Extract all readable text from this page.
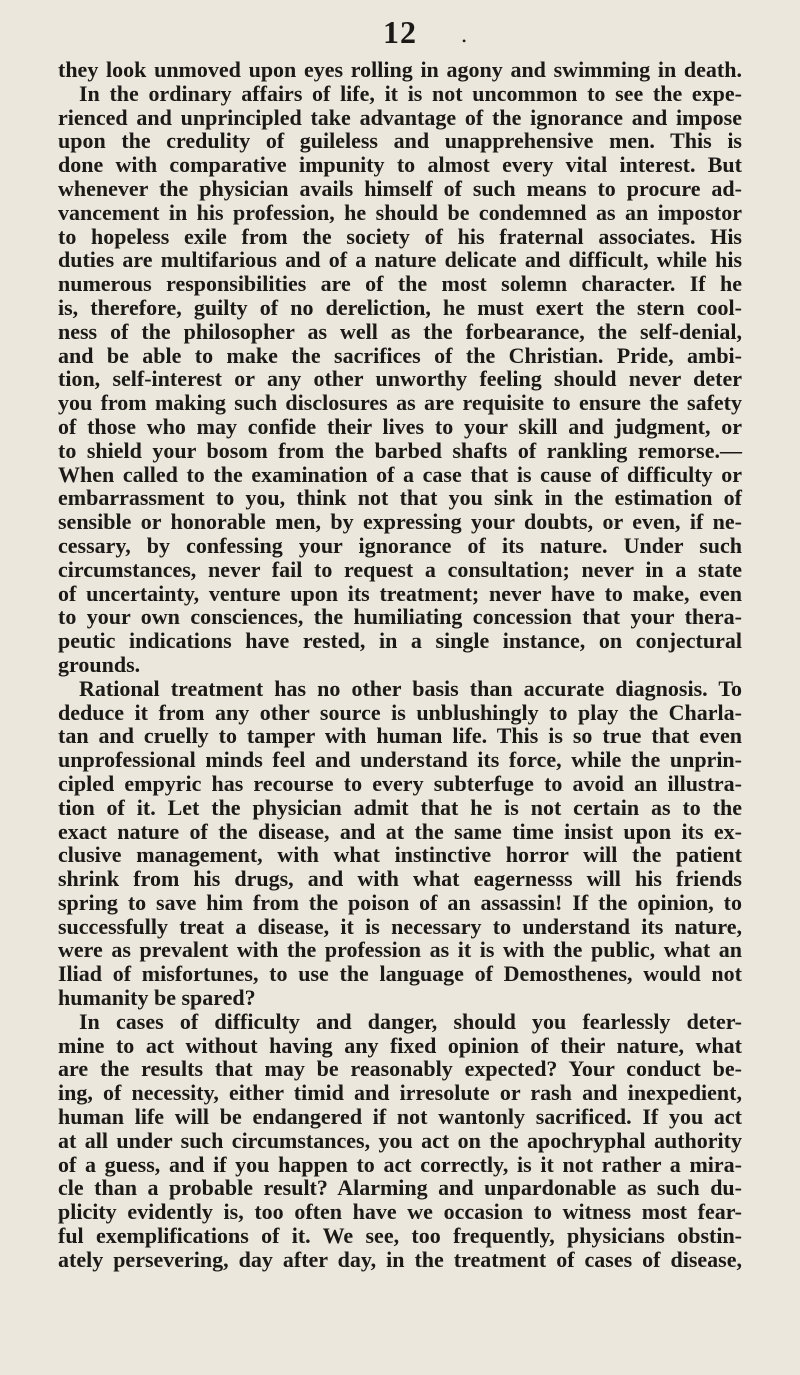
12	•
they look unmoved upon eyes rolling in agony and swimming in death.
In the ordinary affairs of life, it is not uncommon to see the expe-
rienced and unprincipled take advantage of the ignorance and impose
upon the credulity of guileless and unapprehensive men. This is
done with comparative impunity to almost every vital interest. But
whenever the physician avails himself of such means to procure ad-
vancement in his profession, he should be condemned as an impostor
to hopeless exile from the society of his fraternal associates. His
duties are multifarious and of a nature delicate and difficult, while his
numerous responsibilities are of the most solemn character. If he
is, therefore, guilty of no dereliction, he must exert the stern cool-
ness of the philosopher as well as the forbearance, the self-denial,
and be able to make the sacrifices of the Christian. Pride, ambi-
tion, self-interest or any other unworthy feeling should never deter
you from making such disclosures as are requisite to ensure the safety
of those who may confide their lives to your skill and judgment, or
to shield your bosom from the barbed shafts of rankling remorse.—
When called to the examination of a case that is cause of difficulty or
embarrassment to you, think not that you sink in the estimation of
sensible or honorable men, by expressing your doubts, or even, if ne-
cessary, by confessing your ignorance of its nature. Under such
circumstances, never fail to request a consultation; never in a state
of uncertainty, venture upon its treatment; never have to make, even
to your own consciences, the humiliating concession that your thera-
peutic indications have rested, in a single instance, on conjectural
grounds.
Rational treatment has no other basis than accurate diagnosis. To
deduce it from any other source is unblushingly to play the Charla-
tan and cruelly to tamper with human life. This is so true that even
unprofessional minds feel and understand its force, while the unprin-
cipled empyric has recourse to every subterfuge to avoid an illustra-
tion of it. Let the physician admit that he is not certain as to the
exact nature of the disease, and at the same time insist upon its ex-
clusive management, with what instinctive horror will the patient
shrink from his drugs, and with what eagernesss will his friends
spring to save him from the poison of an assassin! If the opinion, to
successfully treat a disease, it is necessary to understand its nature,
were as prevalent with the profession as it is with the public, what an
Iliad of misfortunes, to use the language of Demosthenes, would not
humanity be spared?
In cases of difficulty and danger, should you fearlessly deter-
mine to act without having any fixed opinion of their nature, what
are the results that may be reasonably expected? Your conduct be-
ing, of necessity, either timid and irresolute or rash and inexpedient,
human life will be endangered if not wantonly sacrificed. If you act
at all under such circumstances, you act on the apochryphal authority
of a guess, and if you happen to act correctly, is it not rather a mira-
cle than a probable result? Alarming and unpardonable as such du-
plicity evidently is, too often have we occasion to witness most fear-
ful exemplifications of it. We see, too frequently, physicians obstin-
ately persevering, day after day, in the treatment of cases of disease,
